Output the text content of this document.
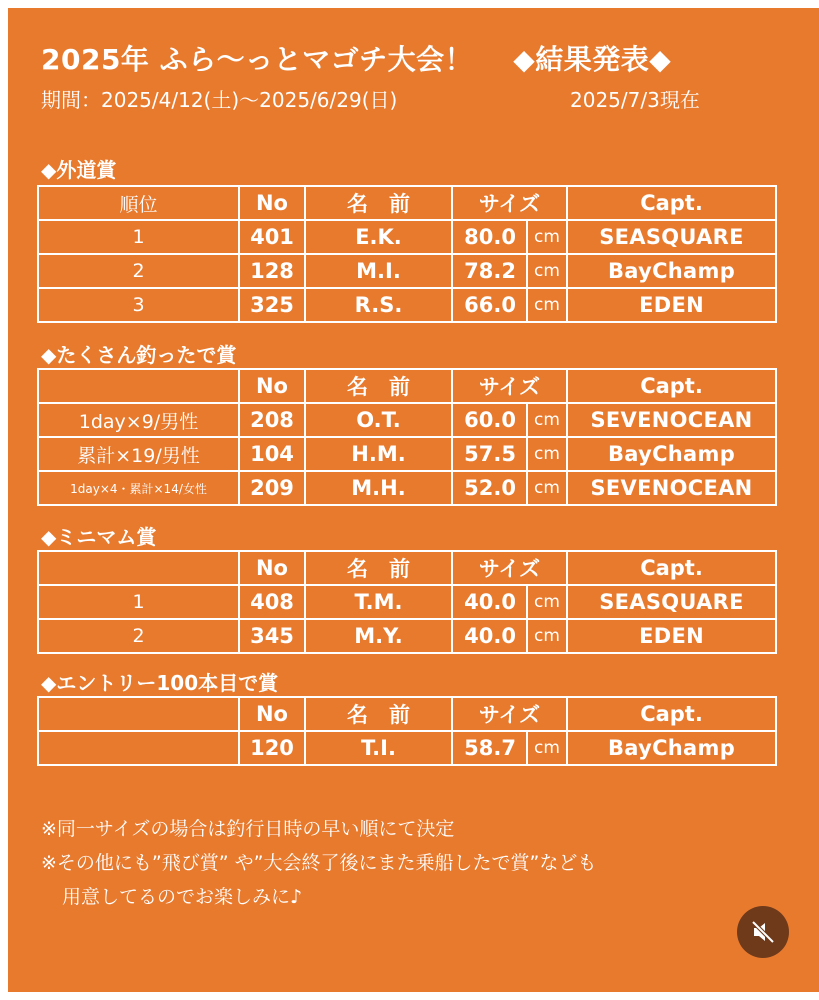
2025年 ふら〜っとマゴチ大会！ ◆結果発表◆
期間：2025/4/12(土)〜2025/6/29(日)	2025/7/3現在
◆外道賞
順位	No	名　前	サイズ		Capt.
1	401	E.K.	80.0	cm	SEASQUARE
2	128	M.I.	78.2	cm	BayChamp
3	325	R.S.	66.0	cm	EDEN
◆たくさん釣ったで賞
	No	名　前	サイズ		Capt.
1day×9/男性	208	O.T.	60.0	cm	SEVENOCEAN
累計×19/男性	104	H.M.	57.5	cm	BayChamp
1day×4・累計×14/女性	209	M.H.	52.0	cm	SEVENOCEAN
◆ミニマム賞
	No	名　前	サイズ		Capt.
1	408	T.M.	40.0	cm	SEASQUARE
2	345	M.Y.	40.0	cm	EDEN
◆エントリー100本目で賞
	No	名　前	サイズ		Capt.
	120	T.I.	58.7	cm	BayChamp
※同一サイズの場合は釣行日時の早い順にて決定
※その他にも”飛び賞” や”大会終了後にまた乗船したで賞”なども
用意してるのでお楽しみに♪
